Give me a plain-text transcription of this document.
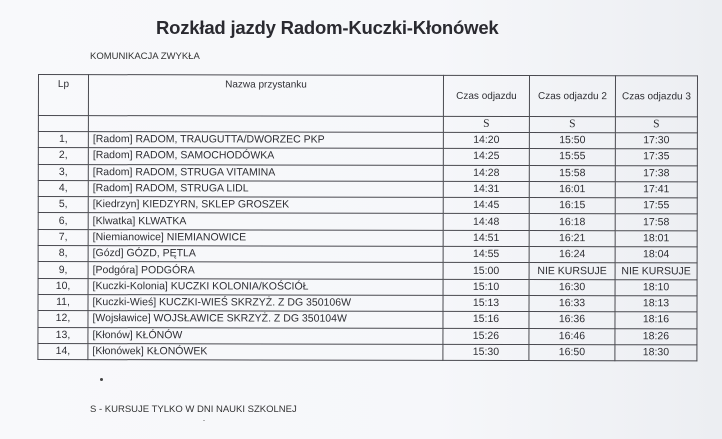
Rozkład jazdy Radom-Kuczki-Kłonówek
KOMUNIKACJA ZWYKŁA
Lp	Nazwa przystanku	Czas odjazdu	Czas odjazdu 2	Czas odjazdu 3
		S	S	S
1,	[Radom] RADOM, TRAUGUTTA/DWORZEC PKP	14:20	15:50	17:30
2,	[Radom] RADOM, SAMOCHODÓWKA	14:25	15:55	17:35
3,	[Radom] RADOM, STRUGA VITAMINA	14:28	15:58	17:38
4,	[Radom] RADOM, STRUGA LIDL	14:31	16:01	17:41
5,	[Kiedrzyn] KIEDZYRN, SKLEP GROSZEK	14:45	16:15	17:55
6,	[Klwatka] KLWATKA	14:48	16:18	17:58
7,	[Niemianowice] NIEMIANOWICE	14:51	16:21	18:01
8,	[Gózd] GÓZD, PĘTLA	14:55	16:24	18:04
9,	[Podgóra] PODGÓRA	15:00	NIE KURSUJE	NIE KURSUJE
10,	[Kuczki-Kolonia] KUCZKI KOLONIA/KOŚCIÓŁ	15:10	16:30	18:10
11,	[Kuczki-Wieś] KUCZKI-WIEŚ SKRZYŻ. Z DG 350106W	15:13	16:33	18:13
12,	[Wojsławice] WOJSŁAWICE SKRZYŻ. Z DG 350104W	15:16	16:36	18:16
13,	[Kłonów] KŁÓNÓW	15:26	16:46	18:26
14,	[Kłonówek] KŁONÓWEK	15:30	16:50	18:30
S - KURSUJE TYLKO W DNI NAUKI SZKOLNEJ
